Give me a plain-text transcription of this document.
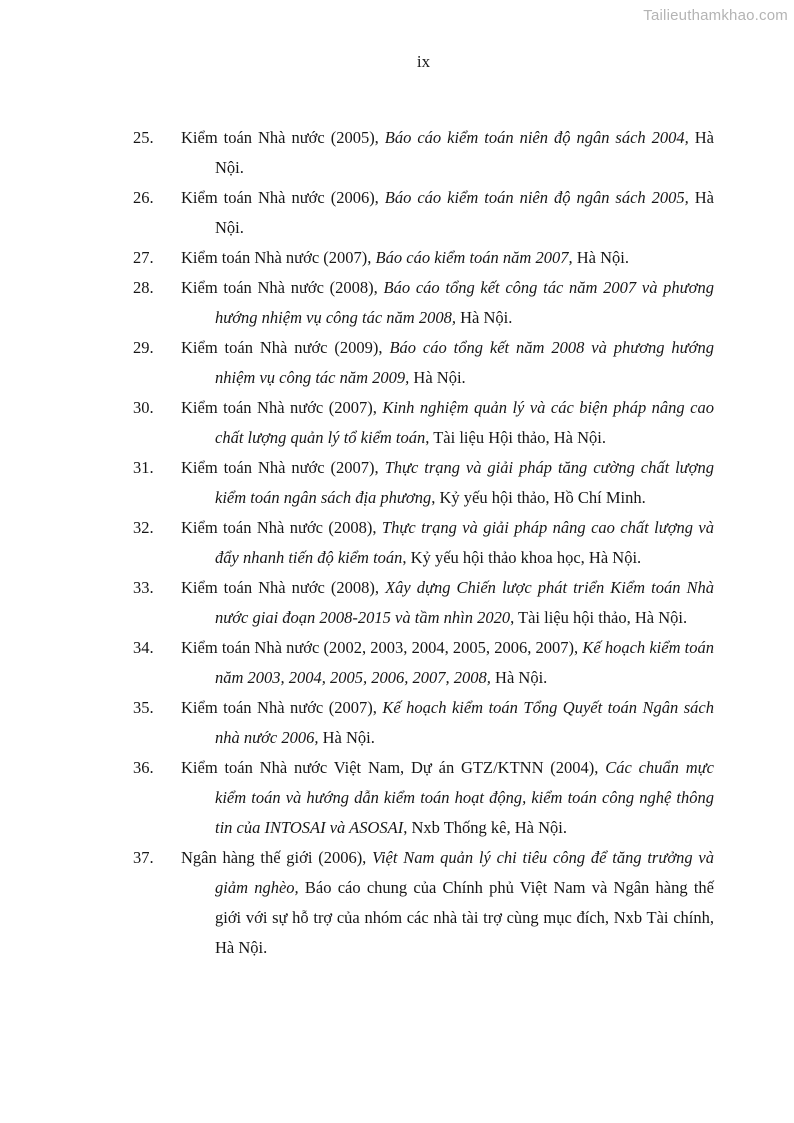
Tailieuthamkhao.com
ix

25. Kiểm toán Nhà nước (2005), Báo cáo kiểm toán niên độ ngân sách 2004, Hà Nội.

26. Kiểm toán Nhà nước (2006), Báo cáo kiểm toán niên độ ngân sách 2005, Hà Nội.

27. Kiểm toán Nhà nước (2007), Báo cáo kiểm toán năm 2007, Hà Nội.

28. Kiểm toán Nhà nước (2008), Báo cáo tổng kết công tác năm 2007 và phương hướng nhiệm vụ công tác năm 2008, Hà Nội.

29. Kiểm toán Nhà nước (2009), Báo cáo tổng kết năm 2008 và phương hướng nhiệm vụ công tác năm 2009, Hà Nội.

30. Kiểm toán Nhà nước (2007), Kinh nghiệm quản lý và các biện pháp nâng cao chất lượng quản lý tổ kiểm toán, Tài liệu Hội thảo, Hà Nội.

31. Kiểm toán Nhà nước (2007), Thực trạng và giải pháp tăng cường chất lượng kiểm toán ngân sách địa phương, Kỷ yếu hội thảo, Hồ Chí Minh.

32. Kiểm toán Nhà nước (2008), Thực trạng và giải pháp nâng cao chất lượng và đẩy nhanh tiến độ kiểm toán, Kỷ yếu hội thảo khoa học, Hà Nội.

33. Kiểm toán Nhà nước (2008), Xây dựng Chiến lược phát triển Kiểm toán Nhà nước giai đoạn 2008-2015 và tầm nhìn 2020, Tài liệu hội thảo, Hà Nội.

34. Kiểm toán Nhà nước (2002, 2003, 2004, 2005, 2006, 2007), Kế hoạch kiểm toán năm 2003, 2004, 2005, 2006, 2007, 2008, Hà Nội.

35. Kiểm toán Nhà nước (2007), Kế hoạch kiểm toán Tổng Quyết toán Ngân sách nhà nước 2006, Hà Nội.

36. Kiểm toán Nhà nước Việt Nam, Dự án GTZ/KTNN (2004), Các chuẩn mực kiểm toán và hướng dẫn kiểm toán hoạt động, kiểm toán công nghệ thông tin của INTOSAI và ASOSAI, Nxb Thống kê, Hà Nội.

37. Ngân hàng thế giới (2006), Việt Nam quản lý chi tiêu công để tăng trưởng và giảm nghèo, Báo cáo chung của Chính phủ Việt Nam và Ngân hàng thế giới với sự hỗ trợ của nhóm các nhà tài trợ cùng mục đích, Nxb Tài chính, Hà Nội.
